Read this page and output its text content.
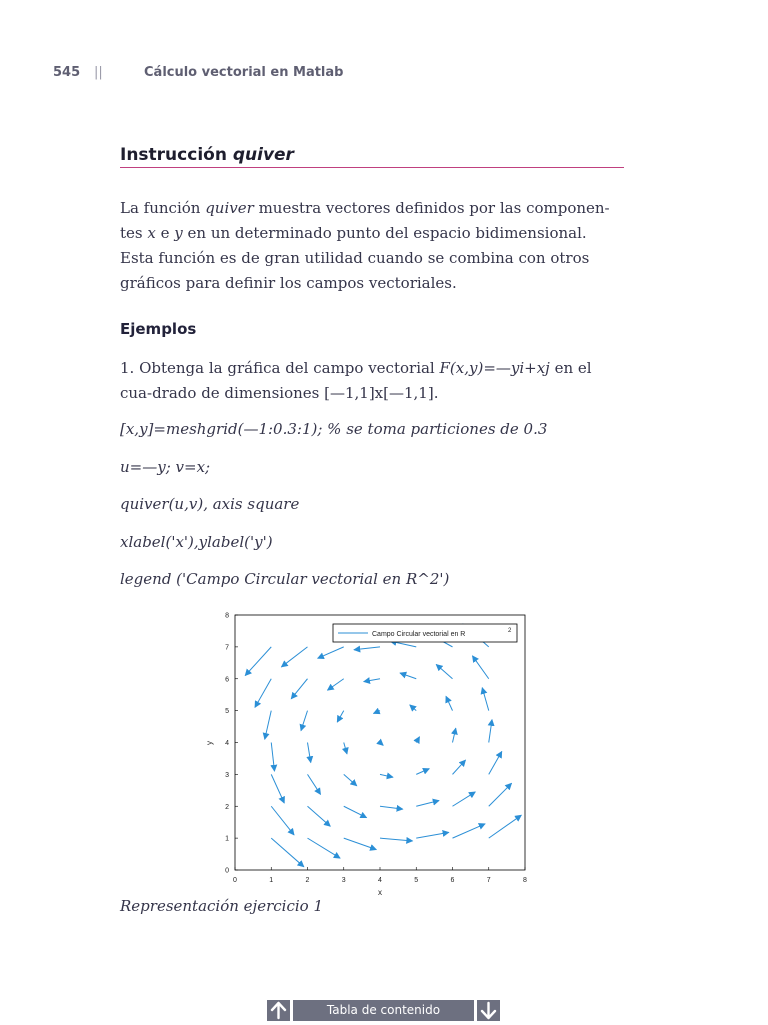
545 ||	Cálculo vectorial en Matlab
Instrucción quiver
La función quiver muestra vectores definidos por las componen-tes x e y en un determinado punto del espacio bidimensional. Esta función es de gran utilidad cuando se combina con otros gráficos para definir los campos vectoriales.
Ejemplos
1. Obtenga la gráfica del campo vectorial F(x,y)=—yi+xj en el cua-drado de dimensiones [—1,1]x[—1,1].
[x,y]=meshgrid(—1:0.3:1); % se toma particiones de 0.3
u=—y; v=x;
quiver(u,v), axis square
xlabel('x'),ylabel('y')
legend ('Campo Circular vectorial en R^2')
0	1	2	3	4	5	6	7	8
0
1
2
3
4
5
6
7
8
x
y
Campo Circular vectorial en R	2
Representación ejercicio 1
Tabla de contenido
